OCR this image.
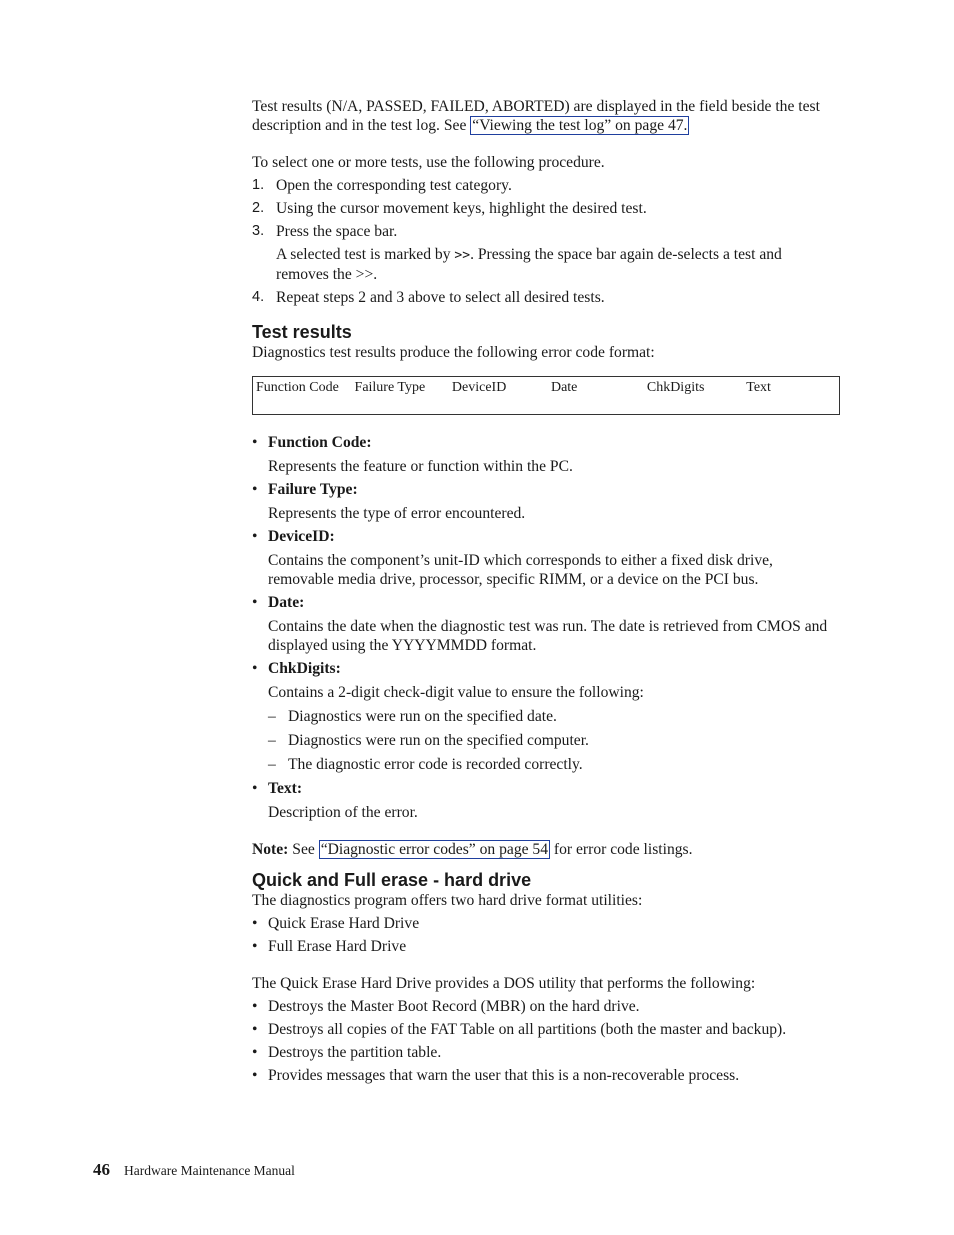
Test results (N/A, PASSED, FAILED, ABORTED) are displayed in the field beside the test description and in the test log. See “Viewing the test log” on page 47.

To select one or more tests, use the following procedure.

1. Open the corresponding test category.
2. Using the cursor movement keys, highlight the desired test.
3. Press the space bar.
A selected test is marked by >>. Pressing the space bar again de-selects a test and removes the >>.
4. Repeat steps 2 and 3 above to select all desired tests.
Test results

Diagnostics test results produce the following error code format:

Function Code	Failure Type	DeviceID	Date	ChkDigits	Text
• Function Code:
Represents the feature or function within the PC.
• Failure Type:
Represents the type of error encountered.
• DeviceID:
Contains the component’s unit-ID which corresponds to either a fixed disk drive, removable media drive, processor, specific RIMM, or a device on the PCI bus.
• Date:
Contains the date when the diagnostic test was run. The date is retrieved from CMOS and displayed using the YYYYMMDD format.
• ChkDigits:
Contains a 2-digit check-digit value to ensure the following:
– Diagnostics were run on the specified date.
– Diagnostics were run on the specified computer.
– The diagnostic error code is recorded correctly.
• Text:
Description of the error.

Note: See “Diagnostic error codes” on page 54 for error code listings.

Quick and Full erase - hard drive

The diagnostics program offers two hard drive format utilities:

• Quick Erase Hard Drive
• Full Erase Hard Drive

The Quick Erase Hard Drive provides a DOS utility that performs the following:

• Destroys the Master Boot Record (MBR) on the hard drive.
• Destroys all copies of the FAT Table on all partitions (both the master and backup).
• Destroys the partition table.
• Provides messages that warn the user that this is a non-recoverable process.
46 Hardware Maintenance Manual
